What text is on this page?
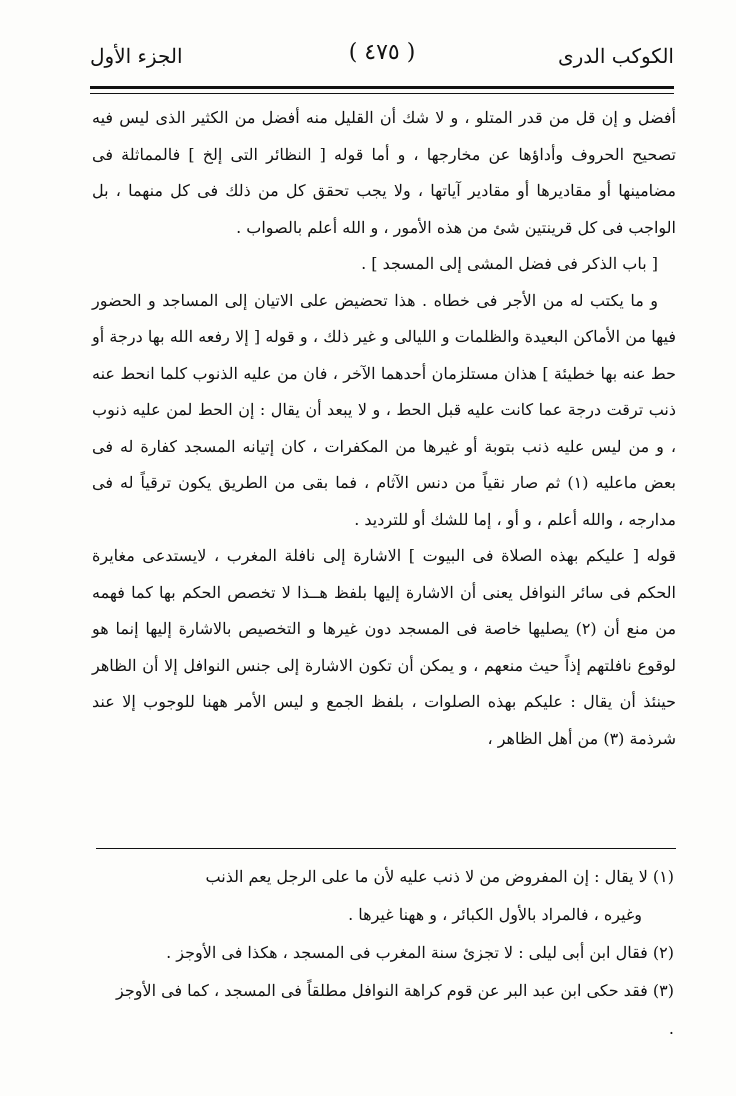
الكوكب الدرى
( ٤٧٥ )
الجزء الأول

أفضل و إن قل من قدر المتلو ، و لا شك أن القليل منه أفضل من الكثير الذى ليس فيه تصحيح الحروف وأداؤها عن مخارجها ، و أما قوله [ النظائر التى إلخ ] فالمماثلة فى مضامينها أو مقاديرها أو مقادير آياتها ، ولا يجب تحقق كل من ذلك فى كل منهما ، بل الواجب فى كل قرينتين شئ من هذه الأمور ، و الله أعلم بالصواب .

[ باب الذكر فى فضل المشى إلى المسجد ] .

و ما يكتب له من الأجر فى خطاه . هذا تحضيض على الاتيان إلى المساجد و الحضور فيها من الأماكن البعيدة والظلمات و الليالى و غير ذلك ، و قوله [ إلا رفعه الله بها درجة أو حط عنه بها خطيئة ] هذان مستلزمان أحدهما الآخر ، فان من عليه الذنوب كلما انحط عنه ذنب ترقت درجة عما كانت عليه قبل الحط ، و لا يبعد أن يقال : إن الحط لمن عليه ذنوب ، و من ليس عليه ذنب بتوبة أو غيرها من المكفرات ، كان إتيانه المسجد كفارة له فى بعض ماعليه (١) ثم صار نقياً من دنس الآثام ، فما بقى من الطريق يكون ترقياً له فى مدارجه ، والله أعلم ، و أو ، إما للشك أو للترديد .

قوله [ عليكم بهذه الصلاة فى البيوت ] الاشارة إلى نافلة المغرب ، لايستدعى مغايرة الحكم فى سائر النوافل يعنى أن الاشارة إليها بلفظ هــذا لا تخصص الحكم بها كما فهمه من منع أن (٢) يصليها خاصة فى المسجد دون غيرها و التخصيص بالاشارة إليها إنما هو لوقوع نافلتهم إذاً حيث منعهم ، و يمكن أن تكون الاشارة إلى جنس النوافل إلا أن الظاهر حينئذ أن يقال : عليكم بهذه الصلوات ، بلفظ الجمع و ليس الأمر ههنا للوجوب إلا عند شرذمة (٣) من أهل الظاهر ،

(١) لا يقال : إن المفروض من لا ذنب عليه لأن ما على الرجل يعم الذنب

وغيره ، فالمراد بالأول الكبائر ، و ههنا غيرها .

(٢) فقال ابن أبى ليلى : لا تجزئ سنة المغرب فى المسجد ، هكذا فى الأوجز .

(٣) فقد حكى ابن عبد البر عن قوم كراهة النوافل مطلقاً فى المسجد ، كما فى الأوجز .
